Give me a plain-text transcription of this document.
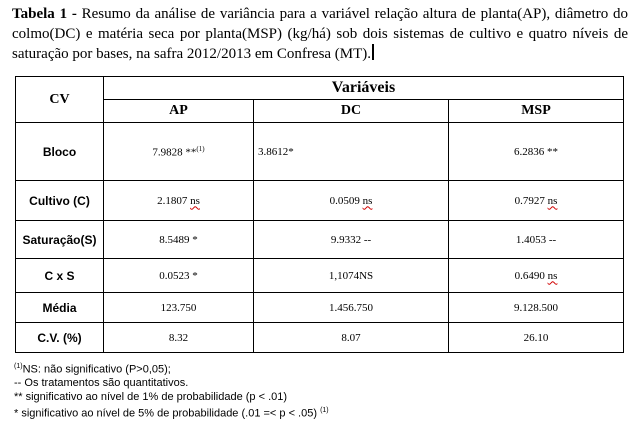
Tabela 1 - Resumo da análise de variância para a variável relação altura de planta(AP), diâmetro do colmo(DC) e matéria seca por planta(MSP) (kg/há) sob dois sistemas de cultivo e quatro níveis de saturação por bases, na safra 2012/2013 em Confresa (MT).
CV	Variáveis		
	AP	DC	MSP
Bloco	7.9828 **$^{(1)}$	3.8612*	6.2836 **
Cultivo (C)	2.1807 ns	0.0509 ns	0.7927 ns
Saturação(S)	8.5489 *	9.9332 --	1.4053 --
C x S	0.0523 *	1,1074NS	0.6490 ns
Média	123.750	1.456.750	9.128.500
C.V. (%)	8.32	8.07	26.10
$^{(1)}$NS: não significativo (P>0,05);
-- Os tratamentos são quantitativos.
** significativo ao nível de 1% de probabilidade (p < .01)
* significativo ao nível de 5% de probabilidade (.01 =< p < .05) $^{(1)}$
